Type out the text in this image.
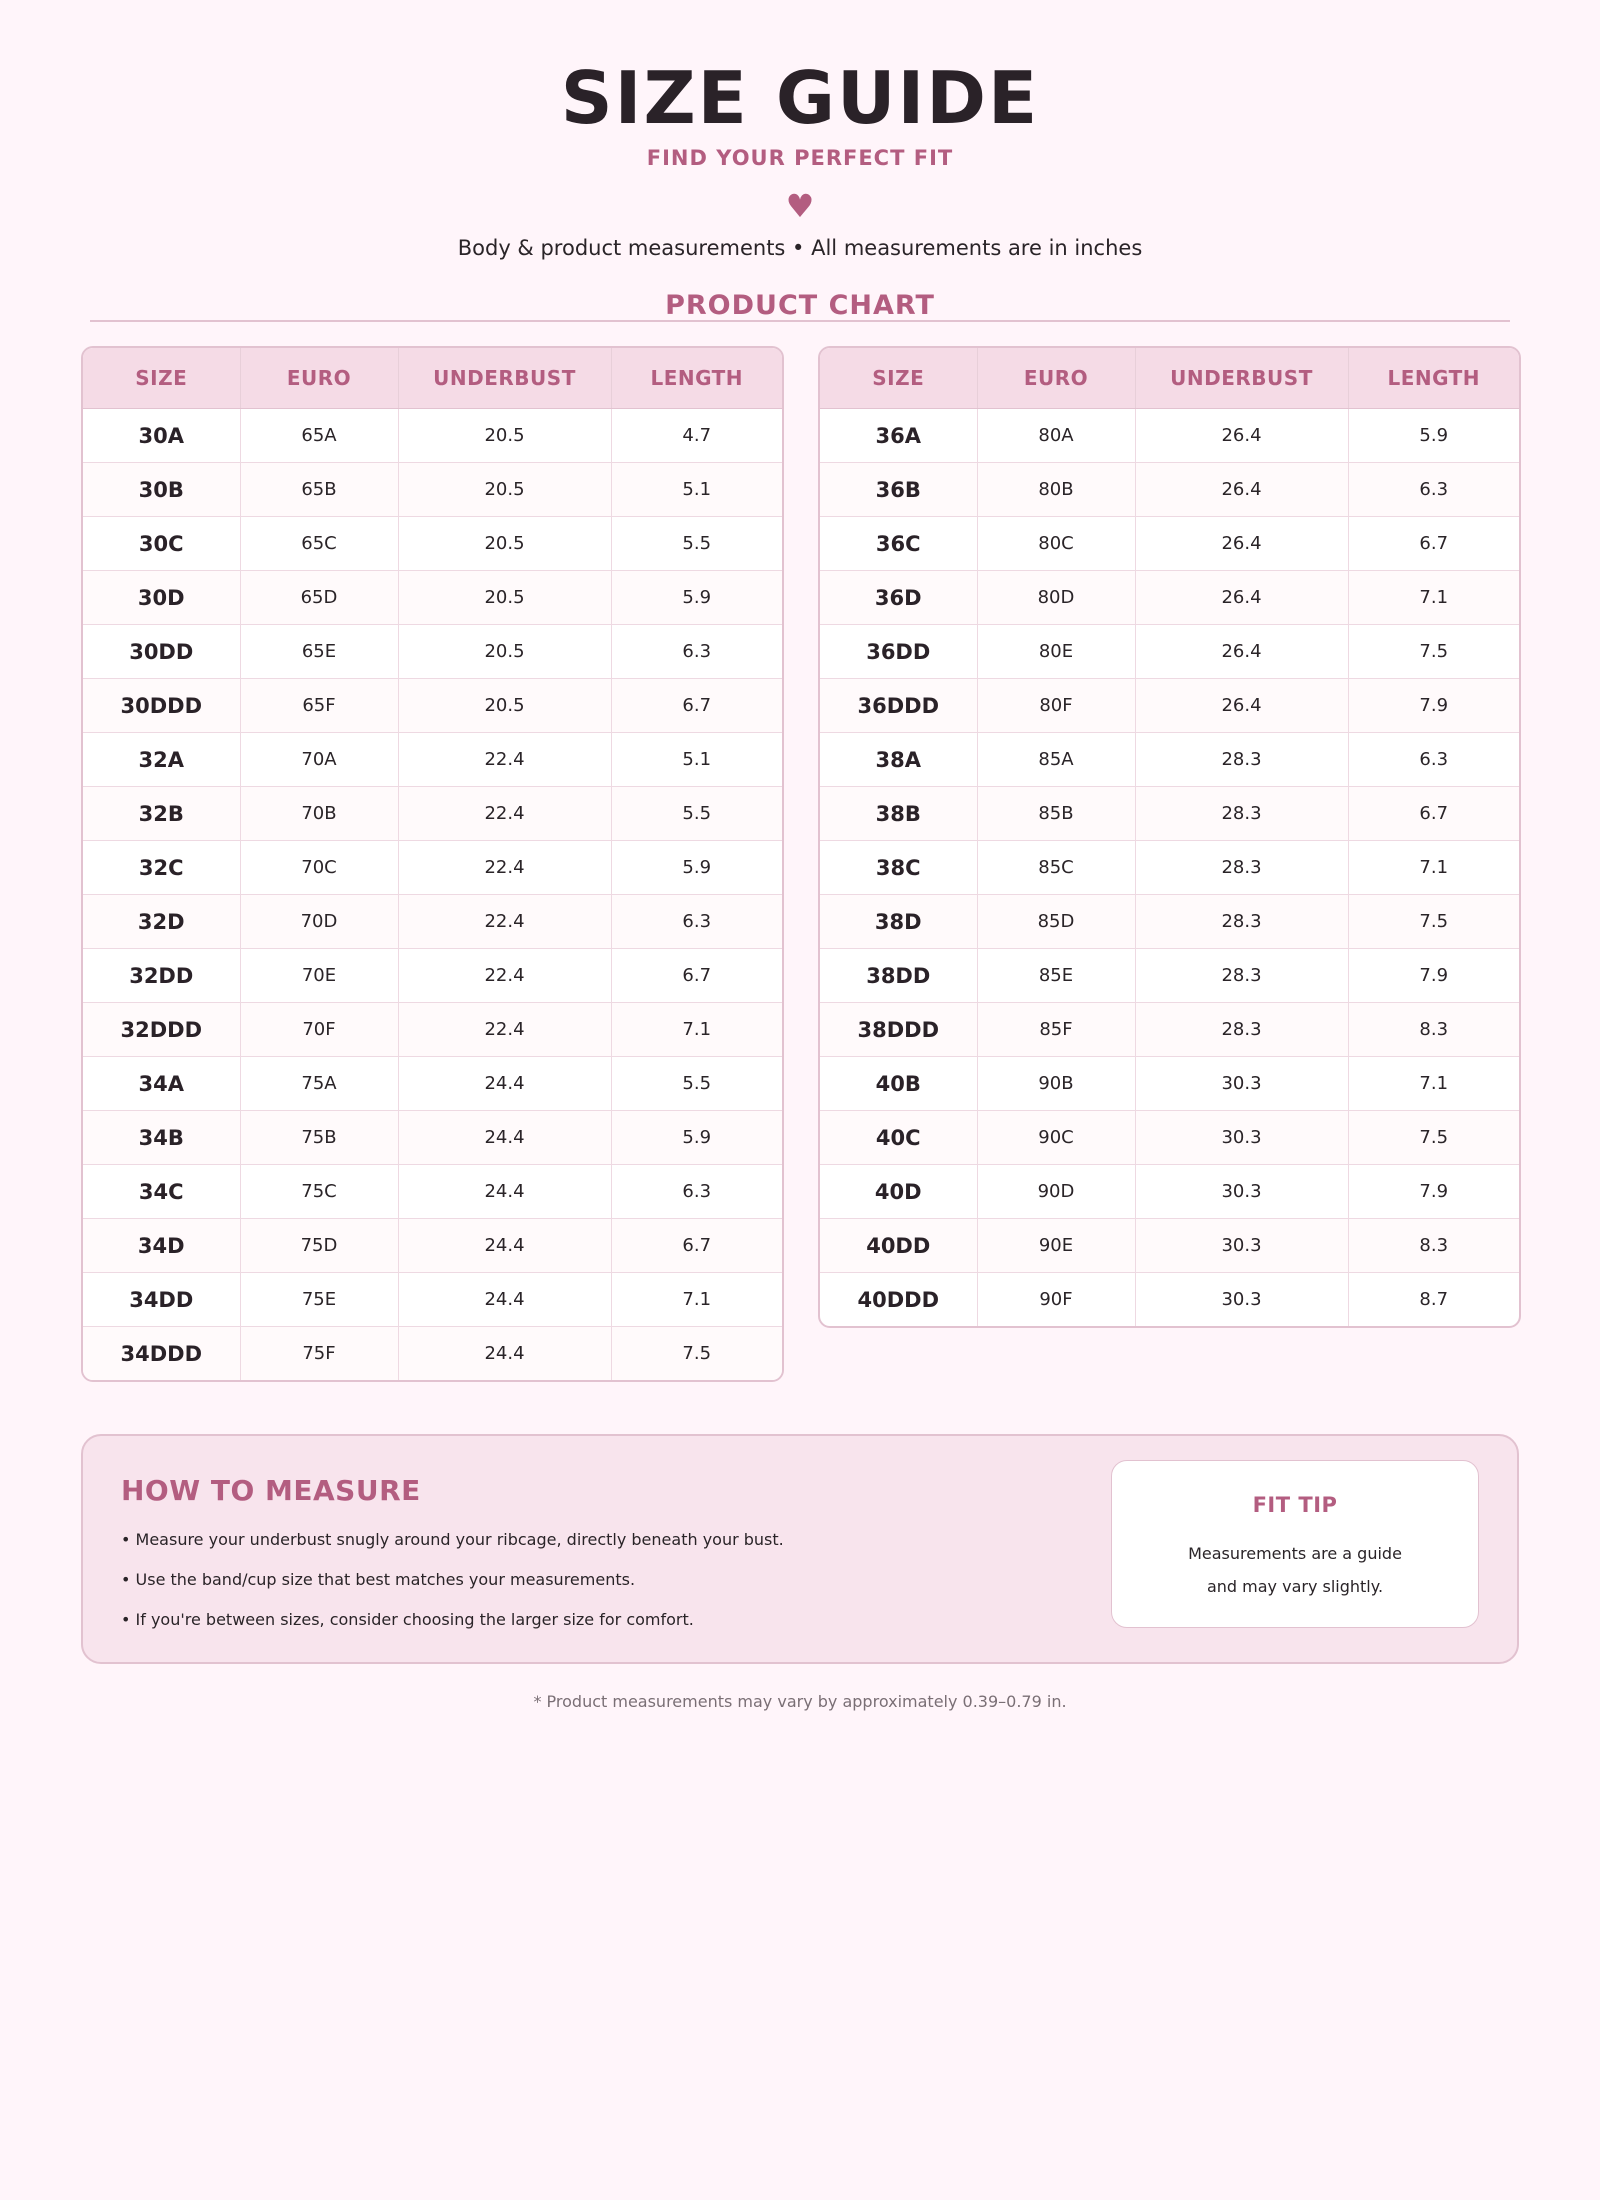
SIZE GUIDE
FIND YOUR PERFECT FIT
♥
Body & product measurements • All measurements are in inches
PRODUCT CHART
SIZE	EURO	UNDERBUST	LENGTH
30A	65A	20.5	4.7
30B	65B	20.5	5.1
30C	65C	20.5	5.5
30D	65D	20.5	5.9
30DD	65E	20.5	6.3
30DDD	65F	20.5	6.7
32A	70A	22.4	5.1
32B	70B	22.4	5.5
32C	70C	22.4	5.9
32D	70D	22.4	6.3
32DD	70E	22.4	6.7
32DDD	70F	22.4	7.1
34A	75A	24.4	5.5
34B	75B	24.4	5.9
34C	75C	24.4	6.3
34D	75D	24.4	6.7
34DD	75E	24.4	7.1
34DDD	75F	24.4	7.5
SIZE	EURO	UNDERBUST	LENGTH
36A	80A	26.4	5.9
36B	80B	26.4	6.3
36C	80C	26.4	6.7
36D	80D	26.4	7.1
36DD	80E	26.4	7.5
36DDD	80F	26.4	7.9
38A	85A	28.3	6.3
38B	85B	28.3	6.7
38C	85C	28.3	7.1
38D	85D	28.3	7.5
38DD	85E	28.3	7.9
38DDD	85F	28.3	8.3
40B	90B	30.3	7.1
40C	90C	30.3	7.5
40D	90D	30.3	7.9
40DD	90E	30.3	8.3
40DDD	90F	30.3	8.7
HOW TO MEASURE
• Measure your underbust snugly around your ribcage, directly beneath your bust.
• Use the band/cup size that best matches your measurements.
• If you're between sizes, consider choosing the larger size for comfort.
FIT TIP
Measurements are a guide
and may vary slightly.
* Product measurements may vary by approximately 0.39–0.79 in.
